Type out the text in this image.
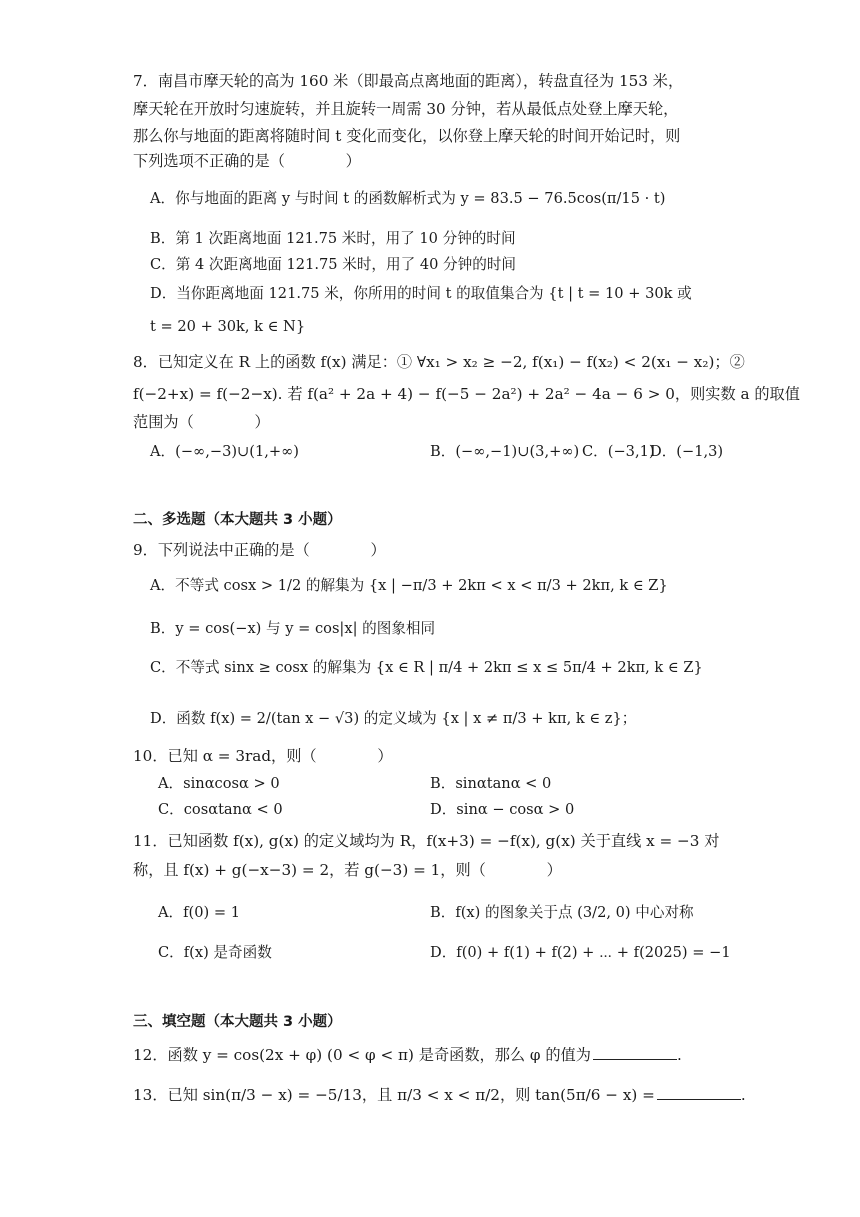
7．南昌市摩天轮的高为 160 米（即最高点离地面的距离），转盘直径为 153 米，
摩天轮在开放时匀速旋转，并且旋转一周需 30 分钟，若从最低点处登上摩天轮，
那么你与地面的距离将随时间 t 变化而变化，以你登上摩天轮的时间开始记时，则
下列选项不正确的是（　　　　）
A．你与地面的距离 y 与时间 t 的函数解析式为 y = 83.5 − 76.5cos(π/15 · t)
B．第 1 次距离地面 121.75 米时，用了 10 分钟的时间
C．第 4 次距离地面 121.75 米时，用了 40 分钟的时间
D．当你距离地面 121.75 米，你所用的时间 t 的取值集合为 {t | t = 10 + 30k 或
t = 20 + 30k, k ∈ N}
8．已知定义在 R 上的函数 f(x) 满足：① ∀x₁ > x₂ ≥ −2, f(x₁) − f(x₂) < 2(x₁ − x₂)；②
f(−2+x) = f(−2−x). 若 f(a² + 2a + 4) − f(−5 − 2a²) + 2a² − 4a − 6 > 0，则实数 a 的取值
范围为（　　　　）
A．(−∞,−3)∪(1,+∞)	B．(−∞,−1)∪(3,+∞) C．(−3,1)
D．(−1,3)
二、多选题（本大题共 3 小题）
9．下列说法中正确的是（　　　　）
A．不等式 cosx > 1/2 的解集为 {x | −π/3 + 2kπ < x < π/3 + 2kπ, k ∈ Z}
B．y = cos(−x) 与 y = cos|x| 的图象相同
C．不等式 sinx ≥ cosx 的解集为 {x ∈ R | π/4 + 2kπ ≤ x ≤ 5π/4 + 2kπ, k ∈ Z}
D．函数 f(x) = 2/(tan x − √3) 的定义域为 {x | x ≠ π/3 + kπ, k ∈ z}；
10．已知 α = 3rad，则（　　　　）
A．sinαcosα > 0	B．sinαtanα < 0
C．cosαtanα < 0	D．sinα − cosα > 0
11．已知函数 f(x), g(x) 的定义域均为 R，f(x+3) = −f(x), g(x) 关于直线 x = −3 对
称，且 f(x) + g(−x−3) = 2，若 g(−3) = 1，则（　　　　）
A．f(0) = 1	B．f(x) 的图象关于点 (3/2, 0) 中心对称
C．f(x) 是奇函数	D．f(0) + f(1) + f(2) + ⋯ + f(2025) = −1
三、填空题（本大题共 3 小题）
12．函数 y = cos(2x + φ) (0 < φ < π) 是奇函数，那么 φ 的值为	.
13．已知 sin(π/3 − x) = −5/13，且 π/3 < x < π/2，则 tan(5π/6 − x) =	.
